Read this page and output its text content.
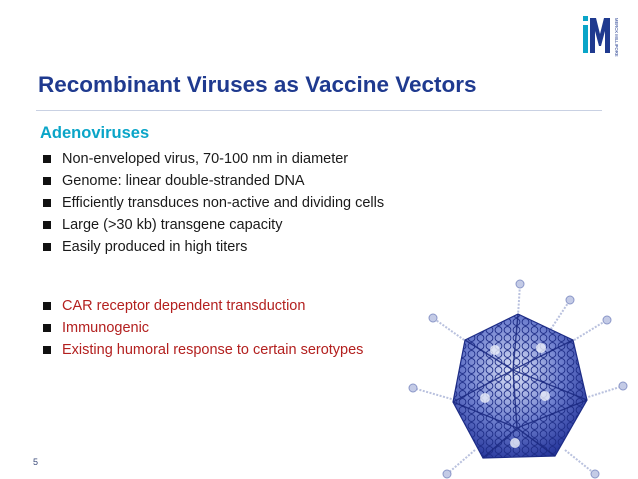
MERCK MILLIPORE
Recombinant Viruses as Vaccine Vectors
Adenoviruses
Non-enveloped virus, 70-100 nm in diameter
Genome: linear double-stranded DNA
Efficiently transduces non-active and dividing cells
Large (>30 kb) transgene capacity
Easily produced in high titers
CAR receptor dependent transduction
Immunogenic
Existing humoral response to certain serotypes
5
